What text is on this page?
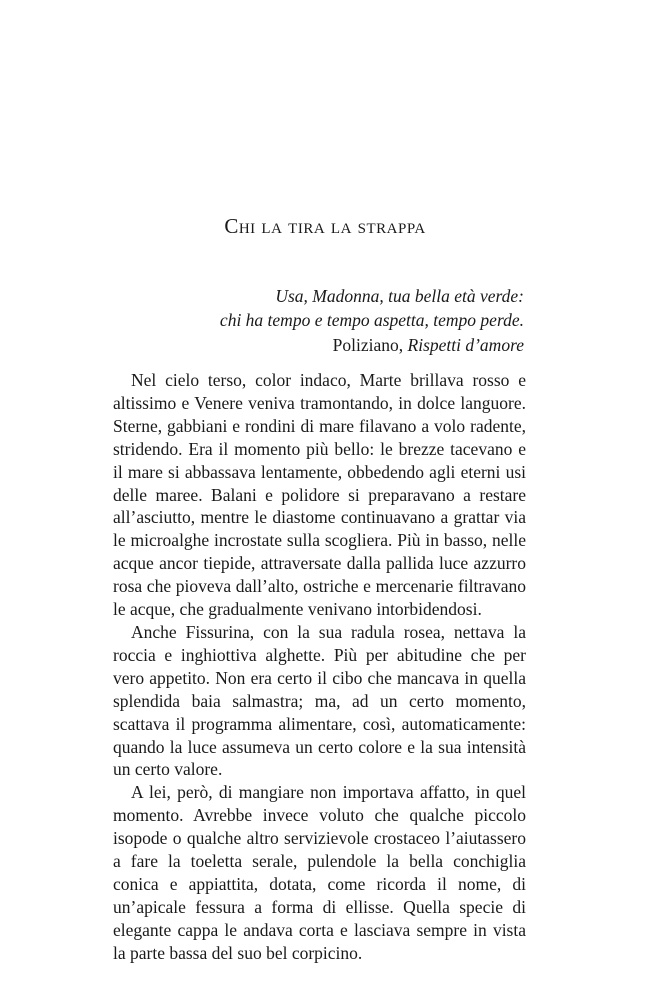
Chi la tira la strappa
Usa, Madonna, tua bella età verde:
chi ha tempo e tempo aspetta, tempo perde.
Poliziano, Rispetti d’amore

Nel cielo terso, color indaco, Marte brillava rosso e altissimo e Venere veniva tramontando, in dolce languore. Sterne, gabbiani e rondini di mare filavano a volo radente, stridendo. Era il momento più bello: le brezze tacevano e il mare si abbassava lentamente, obbedendo agli eterni usi delle maree. Balani e polidore si preparavano a restare all’asciutto, mentre le diastome continuavano a grattar via le microalghe incrostate sulla scogliera. Più in basso, nelle acque ancor tiepide, attraversate dalla pallida luce azzurro rosa che pioveva dall’alto, ostriche e mercenarie filtravano le acque, che gradualmente venivano intorbidendosi.

Anche Fissurina, con la sua radula rosea, nettava la roccia e inghiottiva alghette. Più per abitudine che per vero appetito. Non era certo il cibo che mancava in quella splendida baia salmastra; ma, ad un certo momento, scattava il programma alimentare, così, automaticamente: quando la luce assumeva un certo colore e la sua intensità un certo valore.

A lei, però, di mangiare non importava affatto, in quel momento. Avrebbe invece voluto che qualche piccolo isopode o qualche altro servizievole crostaceo l’aiutassero a fare la toeletta serale, pulendole la bella conchiglia conica e appiattita, dotata, come ricorda il nome, di un’apicale fessura a forma di ellisse. Quella specie di elegante cappa le andava corta e lasciava sempre in vista la parte bassa del suo bel corpicino.
